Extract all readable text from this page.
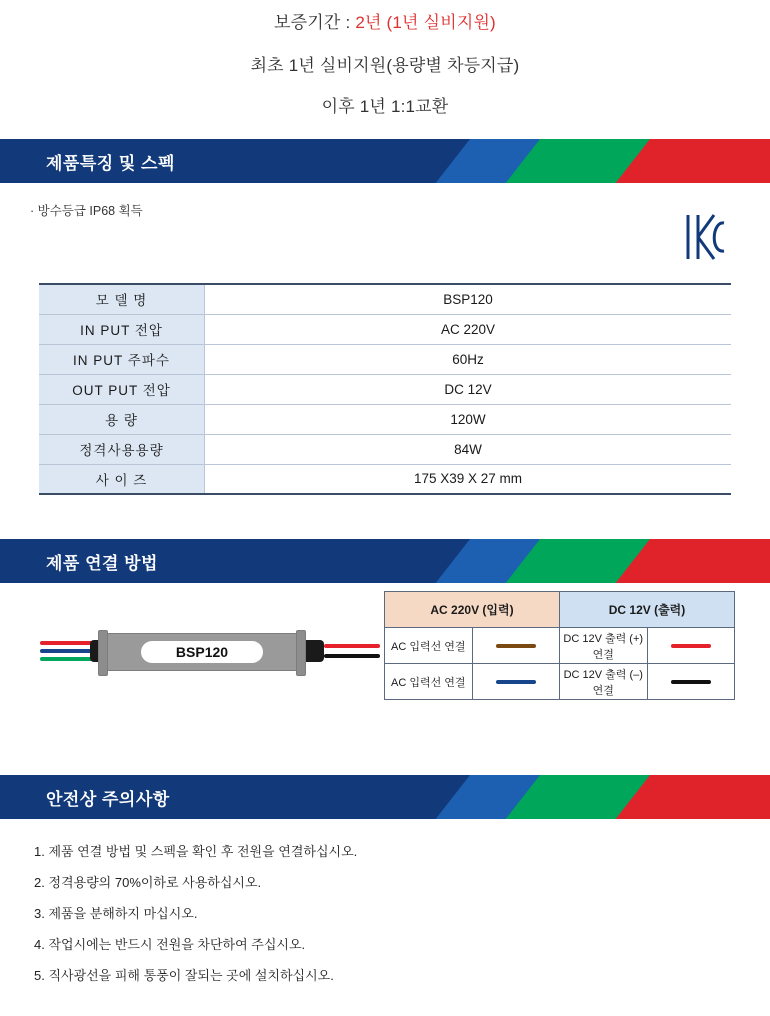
보증기간 : 2년 (1년 실비지원)

최초 1년 실비지원(용량별 차등지급)

이후 1년 1:1교환

제품특징 및 스펙
· 방수등급 IP68 획득
모 델 명	BSP120
IN PUT 전압	AC 220V
IN PUT 주파수	60Hz
OUT PUT 전압	DC 12V
용 량	120W
정격사용용량	84W
사 이 즈	175 X39 X 27 mm
제품 연결 방법
BSP120
AC 220V (입력)		DC 12V (출력)	
AC 입력선 연결		DC 12V 출력 (+) 연결	
AC 입력선 연결		DC 12V 출력 (–) 연결	
안전상 주의사항
1. 제품 연결 방법 및 스펙을 확인 후 전원을 연결하십시오.
2. 정격용량의 70%이하로 사용하십시오.
3. 제품을 분해하지 마십시오.
4. 작업시에는 반드시 전원을 차단하여 주십시오.
5. 직사광선을 피해 통풍이 잘되는 곳에 설치하십시오.
